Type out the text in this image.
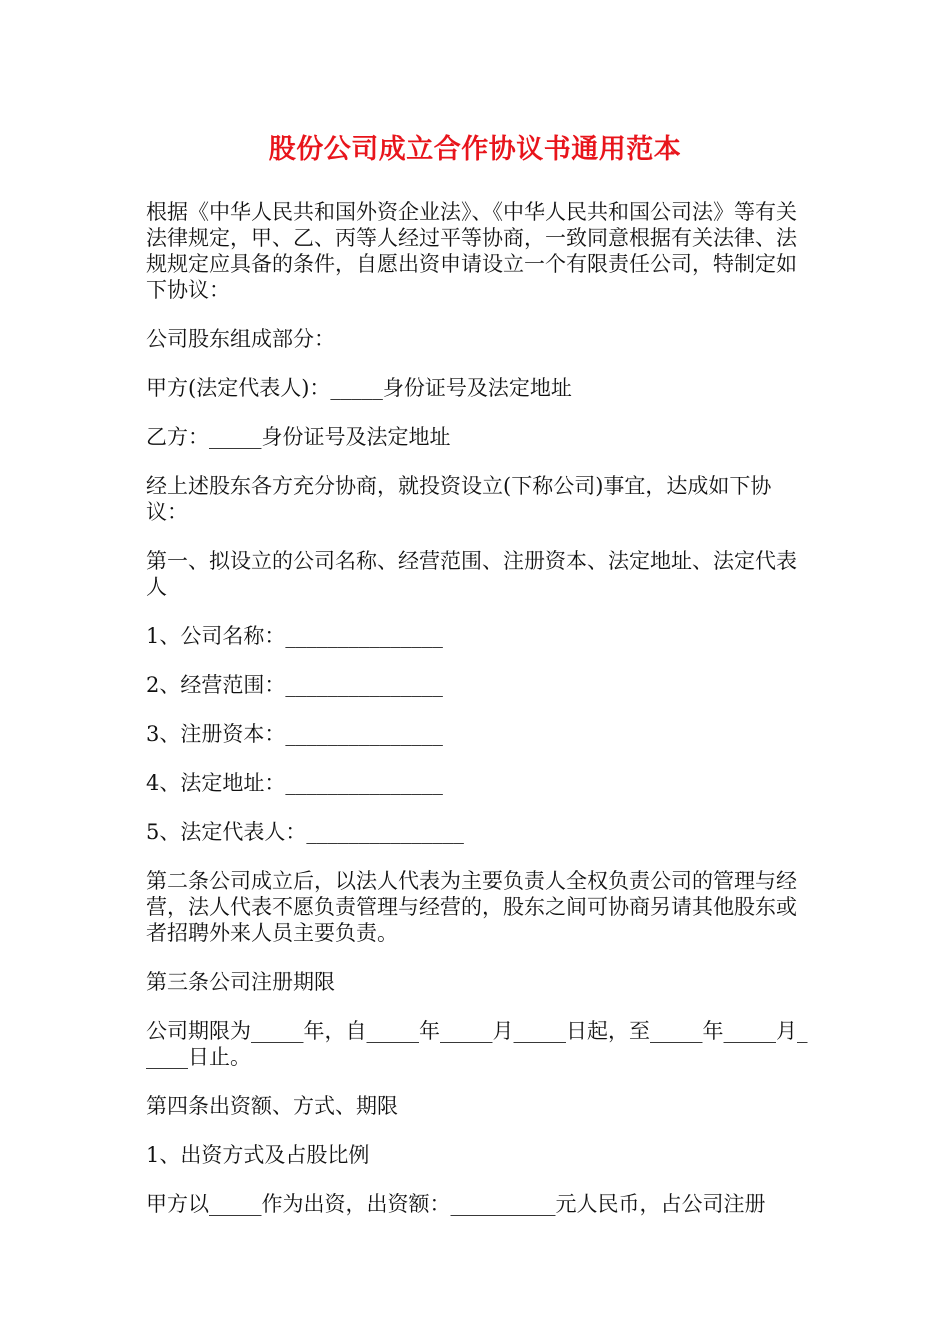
股份公司成立合作协议书通用范本

根据《中华人民共和国外资企业法》、《中华人民共和国公司法》等有关法律规定，甲、乙、丙等人经过平等协商，一致同意根据有关法律、法规规定应具备的条件，自愿出资申请设立一个有限责任公司，特制定如下协议：

公司股东组成部分：

甲方(法定代表人)：_____身份证号及法定地址

乙方：_____身份证号及法定地址

经上述股东各方充分协商，就投资设立(下称公司)事宜，达成如下协议：

第一、拟设立的公司名称、经营范围、注册资本、法定地址、法定代表人

1、公司名称：_______________

2、经营范围：_______________

3、注册资本：_______________

4、法定地址：_______________

5、法定代表人：_______________

第二条公司成立后，以法人代表为主要负责人全权负责公司的管理与经营，法人代表不愿负责管理与经营的，股东之间可协商另请其他股东或者招聘外来人员主要负责。

第三条公司注册期限

公司期限为_____年，自_____年_____月_____日起，至_____年_____月_____日止。

第四条出资额、方式、期限

1、出资方式及占股比例

甲方以_____作为出资，出资额：__________元人民币，占公司注册
